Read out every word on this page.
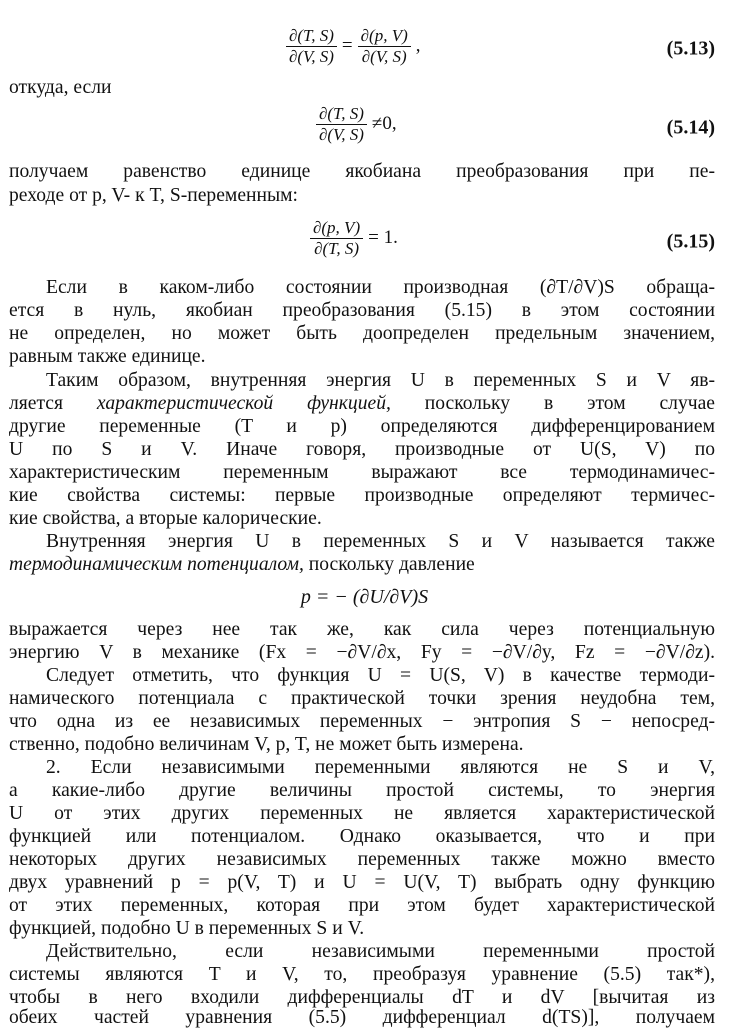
$\frac{\partial(T, S)}{\partial(V, S)} = \frac{\partial(p, V)}{\partial(V, S)}$ ,	(5.13)
откуда, если
$\frac{\partial(T, S)}{\partial(V, S)} \ne 0$,	(5.14)
получаем равенство единице якобиана преобразования при пе-
реходе от p, V- к T, S-переменным:
$\frac{\partial(p, V)}{\partial(T, S)} = 1$.	(5.15)
Если в каком-либо состоянии производная (∂T/∂V)S обраща-
ется в нуль, якобиан преобразования (5.15) в этом состоянии
не определен, но может быть доопределен предельным значением,
равным также единице.
Таким образом, внутренняя энергия U в переменных S и V яв-
ляется характеристической функцией, поскольку в этом случае
другие переменные (T и p) определяются дифференцированием
U по S и V. Иначе говоря, производные от U(S, V) по
характеристическим переменным выражают все термодинамичес-
кие свойства системы: первые производные определяют термичес-
кие свойства, а вторые калорические.
Внутренняя энергия U в переменных S и V называется также
термодинамическим потенциалом, поскольку давление
p = − (∂U/∂V)S
выражается через нее так же, как сила через потенциальную
энергию V в механике (Fx = −∂V/∂x, Fy = −∂V/∂y, Fz = −∂V/∂z).
Следует отметить, что функция U = U(S, V) в качестве термоди-
намического потенциала с практической точки зрения неудобна тем,
что одна из ее независимых переменных − энтропия S − непосред-
ственно, подобно величинам V, p, T, не может быть измерена.
2. Если независимыми переменными являются не S и V,
а какие-либо другие величины простой системы, то энергия
U от этих других переменных не является характеристической
функцией или потенциалом. Однако оказывается, что и при
некоторых других независимых переменных также можно вместо
двух уравнений p = p(V, T) и U = U(V, T) выбрать одну функцию
от этих переменных, которая при этом будет характеристической
функцией, подобно U в переменных S и V.
Действительно, если независимыми переменными простой
системы являются T и V, то, преобразуя уравнение (5.5) так*),
чтобы в него входили дифференциалы dT и dV [вычитая из
обеих частей уравнения (5.5) дифференциал d(TS)], получаем
